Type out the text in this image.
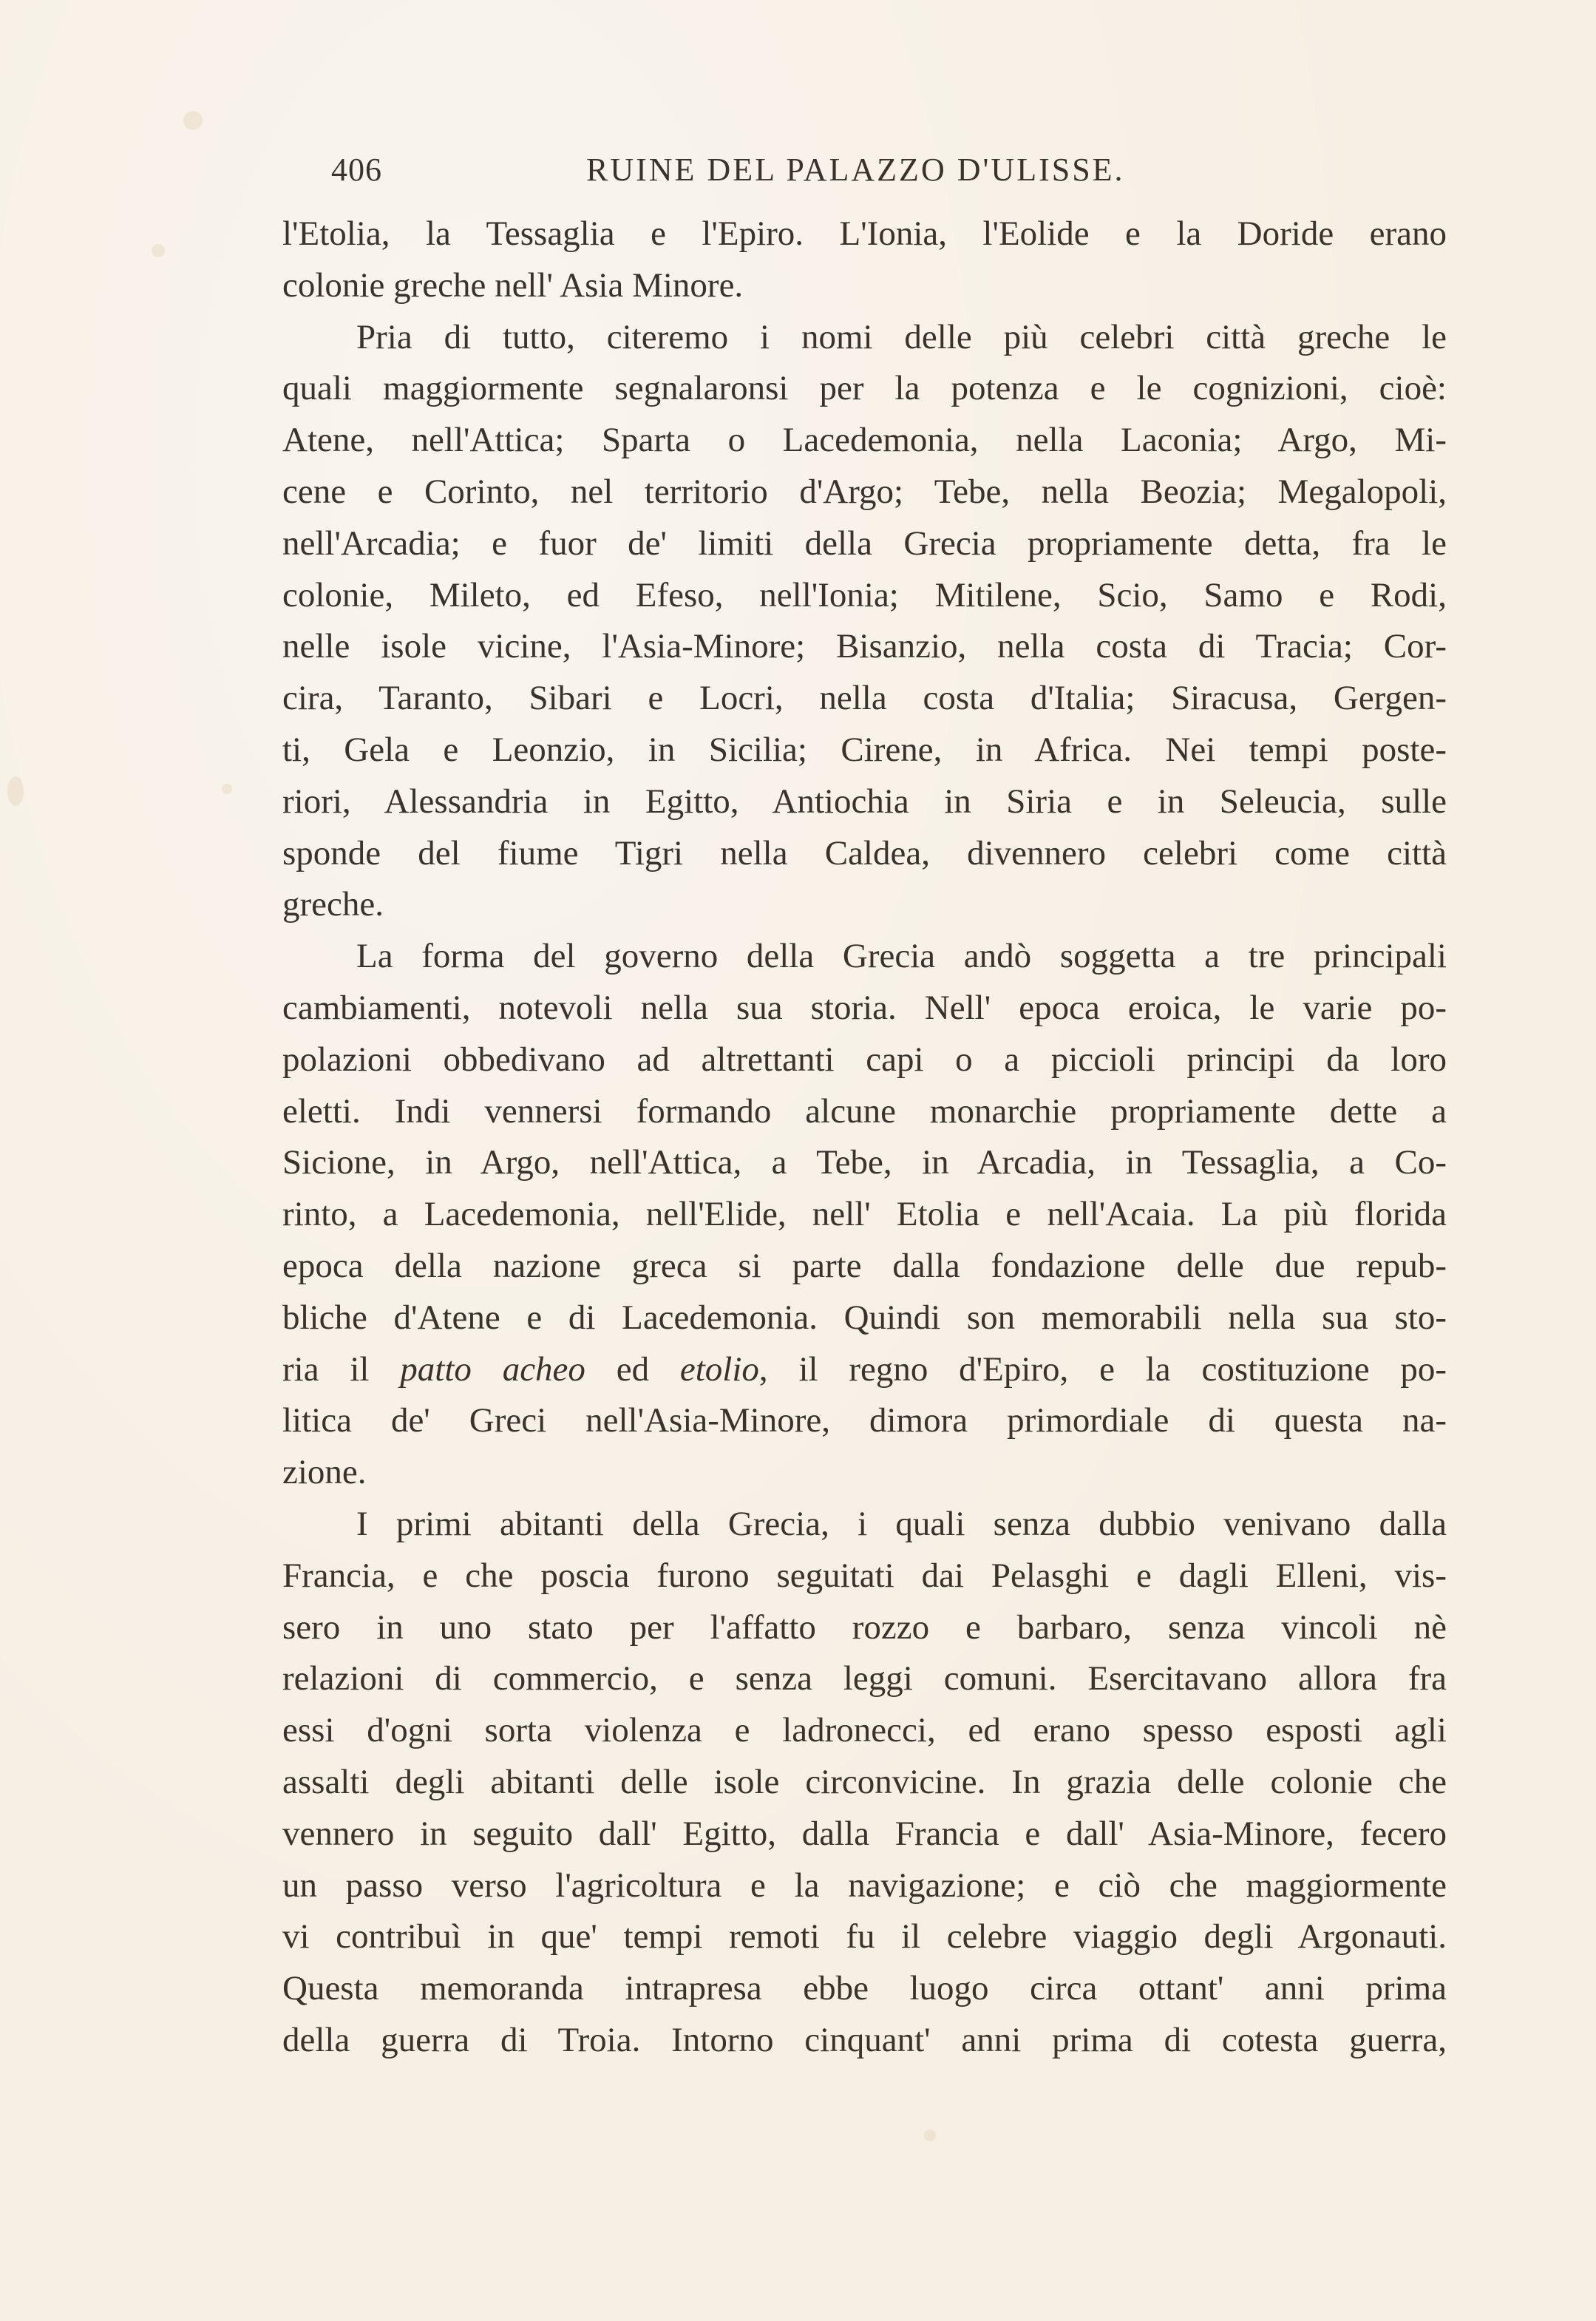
406	RUINE DEL PALAZZO D'ULISSE.
l'Etolia, la Tessaglia e l'Epiro. L'Ionia, l'Eolide e la Doride erano
colonie greche nell' Asia Minore.
Pria di tutto, citeremo i nomi delle più celebri città greche le
quali maggiormente segnalaronsi per la potenza e le cognizioni, cioè:
Atene, nell'Attica; Sparta o Lacedemonia, nella Laconia; Argo, Mi-
cene e Corinto, nel territorio d'Argo; Tebe, nella Beozia; Megalopoli,
nell'Arcadia; e fuor de' limiti della Grecia propriamente detta, fra le
colonie, Mileto, ed Efeso, nell'Ionia; Mitilene, Scio, Samo e Rodi,
nelle isole vicine, l'Asia-Minore; Bisanzio, nella costa di Tracia; Cor-
cira, Taranto, Sibari e Locri, nella costa d'Italia; Siracusa, Gergen-
ti, Gela e Leonzio, in Sicilia; Cirene, in Africa. Nei tempi poste-
riori, Alessandria in Egitto, Antiochia in Siria e in Seleucia, sulle
sponde del fiume Tigri nella Caldea, divennero celebri come città
greche.
La forma del governo della Grecia andò soggetta a tre principali
cambiamenti, notevoli nella sua storia. Nell' epoca eroica, le varie po-
polazioni obbedivano ad altrettanti capi o a piccioli principi da loro
eletti. Indi vennersi formando alcune monarchie propriamente dette a
Sicione, in Argo, nell'Attica, a Tebe, in Arcadia, in Tessaglia, a Co-
rinto, a Lacedemonia, nell'Elide, nell' Etolia e nell'Acaia. La più florida
epoca della nazione greca si parte dalla fondazione delle due repub-
bliche d'Atene e di Lacedemonia. Quindi son memorabili nella sua sto-
ria il patto acheo ed etolio, il regno d'Epiro, e la costituzione po-
litica de' Greci nell'Asia-Minore, dimora primordiale di questa na-
zione.
I primi abitanti della Grecia, i quali senza dubbio venivano dalla
Francia, e che poscia furono seguitati dai Pelasghi e dagli Elleni, vis-
sero in uno stato per l'affatto rozzo e barbaro, senza vincoli nè
relazioni di commercio, e senza leggi comuni. Esercitavano allora fra
essi d'ogni sorta violenza e ladronecci, ed erano spesso esposti agli
assalti degli abitanti delle isole circonvicine. In grazia delle colonie che
vennero in seguito dall' Egitto, dalla Francia e dall' Asia-Minore, fecero
un passo verso l'agricoltura e la navigazione; e ciò che maggiormente
vi contribuì in que' tempi remoti fu il celebre viaggio degli Argonauti.
Questa memoranda intrapresa ebbe luogo circa ottant' anni prima
della guerra di Troia. Intorno cinquant' anni prima di cotesta guerra,
